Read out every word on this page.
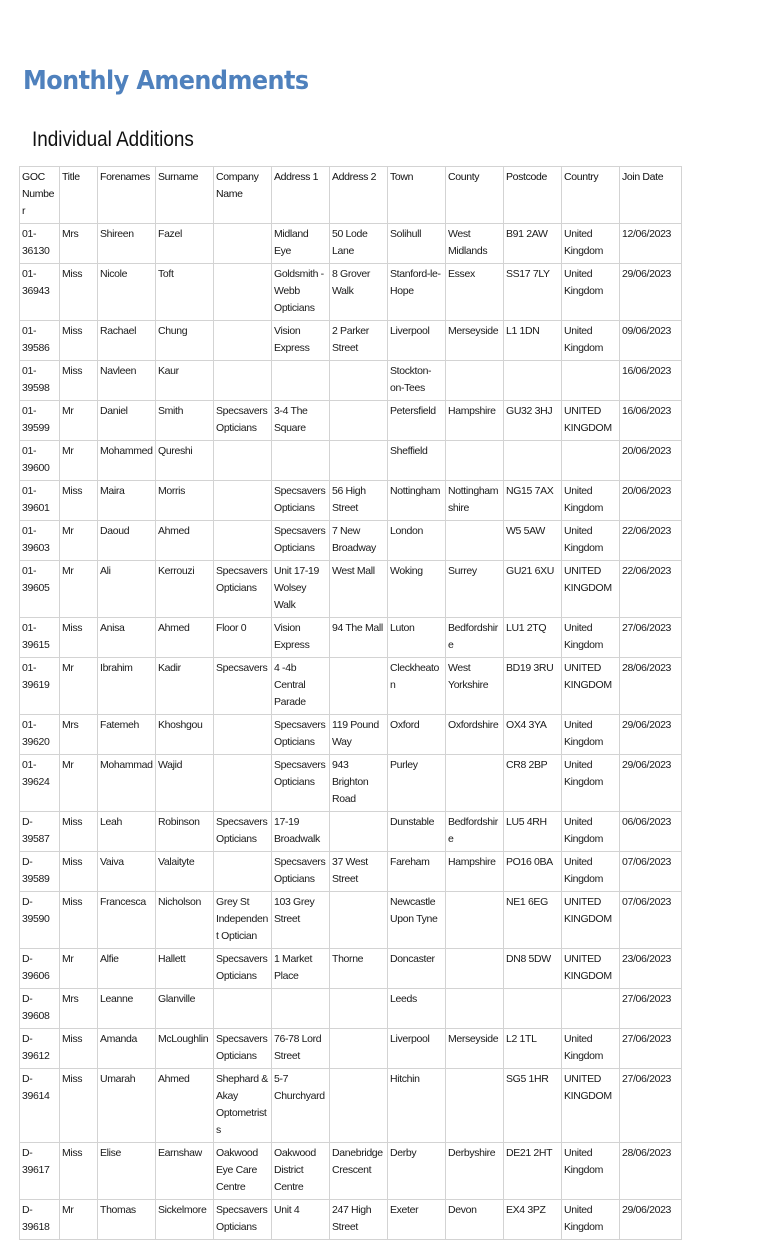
Monthly Amendments
Individual Additions
GOC Number	Title	Forenames	Surname	Company Name	Address 1	Address 2	Town	County	Postcode	Country	Join Date
01-36130	Mrs	Shireen	Fazel		Midland Eye	50 Lode Lane	Solihull	West Midlands	B91 2AW	United Kingdom	12/06/2023
01-36943	Miss	Nicole	Toft		Goldsmith - Webb Opticians	8 Grover Walk	Stanford-le-Hope	Essex	SS17 7LY	United Kingdom	29/06/2023
01-39586	Miss	Rachael	Chung		Vision Express	2 Parker Street	Liverpool	Merseyside	L1 1DN	United Kingdom	09/06/2023
01-39598	Miss	Navleen	Kaur				Stockton-on-Tees				16/06/2023
01-39599	Mr	Daniel	Smith	Specsavers Opticians	3-4 The Square		Petersfield	Hampshire	GU32 3HJ	UNITED KINGDOM	16/06/2023
01-39600	Mr	Mohammed	Qureshi				Sheffield				20/06/2023
01-39601	Miss	Maira	Morris		Specsavers Opticians	56 High Street	Nottingham	Nottinghamshire	NG15 7AX	United Kingdom	20/06/2023
01-39603	Mr	Daoud	Ahmed		Specsavers Opticians	7 New Broadway	London		W5 5AW	United Kingdom	22/06/2023
01-39605	Mr	Ali	Kerrouzi	Specsavers Opticians	Unit 17-19 Wolsey Walk	West Mall	Woking	Surrey	GU21 6XU	UNITED KINGDOM	22/06/2023
01-39615	Miss	Anisa	Ahmed	Floor 0	Vision Express	94 The Mall	Luton	Bedfordshire	LU1 2TQ	United Kingdom	27/06/2023
01-39619	Mr	Ibrahim	Kadir	Specsavers	4 -4b Central Parade		Cleckheaton	West Yorkshire	BD19 3RU	UNITED KINGDOM	28/06/2023
01-39620	Mrs	Fatemeh	Khoshgou		Specsavers Opticians	119 Pound Way	Oxford	Oxfordshire	OX4 3YA	United Kingdom	29/06/2023
01-39624	Mr	Mohammad	Wajid		Specsavers Opticians	943 Brighton Road	Purley		CR8 2BP	United Kingdom	29/06/2023
D-39587	Miss	Leah	Robinson	Specsavers Opticians	17-19 Broadwalk		Dunstable	Bedfordshire	LU5 4RH	United Kingdom	06/06/2023
D-39589	Miss	Vaiva	Valaityte		Specsavers Opticians	37 West Street	Fareham	Hampshire	PO16 0BA	United Kingdom	07/06/2023
D-39590	Miss	Francesca	Nicholson	Grey St Independent Optician	103 Grey Street		Newcastle Upon Tyne		NE1 6EG	UNITED KINGDOM	07/06/2023
D-39606	Mr	Alfie	Hallett	Specsavers Opticians	1 Market Place	Thorne	Doncaster		DN8 5DW	UNITED KINGDOM	23/06/2023
D-39608	Mrs	Leanne	Glanville				Leeds				27/06/2023
D-39612	Miss	Amanda	McLoughlin	Specsavers Opticians	76-78 Lord Street		Liverpool	Merseyside	L2 1TL	United Kingdom	27/06/2023
D-39614	Miss	Umarah	Ahmed	Shephard & Akay Optometrists	5-7 Churchyard		Hitchin		SG5 1HR	UNITED KINGDOM	27/06/2023
D-39617	Miss	Elise	Earnshaw	Oakwood Eye Care Centre	Oakwood District Centre	Danebridge Crescent	Derby	Derbyshire	DE21 2HT	United Kingdom	28/06/2023
D-39618	Mr	Thomas	Sickelmore	Specsavers Opticians	Unit 4	247 High Street	Exeter	Devon	EX4 3PZ	United Kingdom	29/06/2023
